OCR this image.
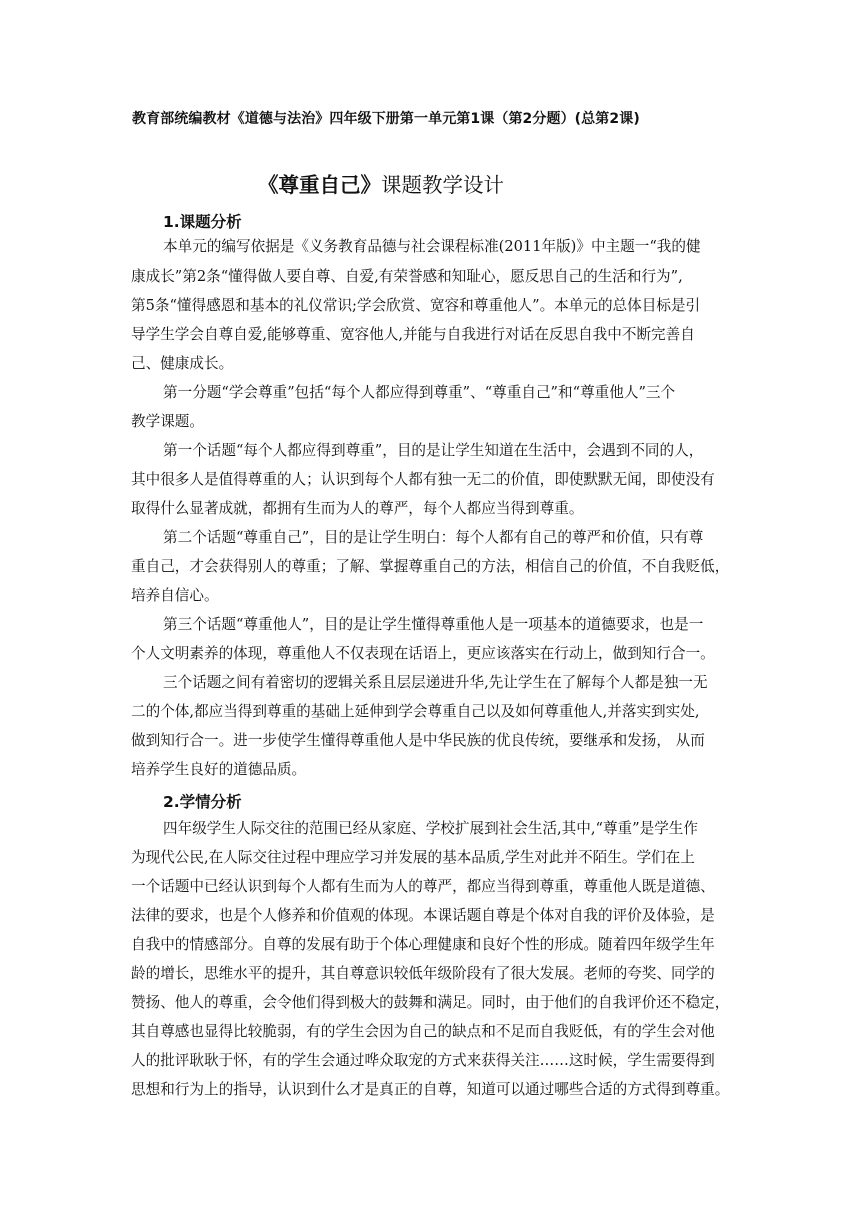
教育部统编教材《道德与法治》四年级下册第一单元第1课（第2分题）(总第2课)
《尊重自己》课题教学设计
1.课题分析
本单元的编写依据是《义务教育品德与社会课程标准(2011年版)》中主题一“我的健
康成长”第2条“懂得做人要自尊、自爱,有荣誉感和知耻心，愿反思自己的生活和行为”,
第5条“懂得感恩和基本的礼仪常识;学会欣赏、宽容和尊重他人”。本单元的总体目标是引
导学生学会自尊自爱,能够尊重、宽容他人,并能与自我进行对话在反思自我中不断完善自
己、健康成长。
第一分题“学会尊重”包括“每个人都应得到尊重”、“尊重自己”和“尊重他人”三个
教学课题。
第一个话题“每个人都应得到尊重”，目的是让学生知道在生活中，会遇到不同的人，
其中很多人是值得尊重的人；认识到每个人都有独一无二的价值，即使默默无闻，即使没有
取得什么显著成就，都拥有生而为人的尊严，每个人都应当得到尊重。
第二个话题“尊重自己”，目的是让学生明白：每个人都有自己的尊严和价值，只有尊
重自己，才会获得别人的尊重；了解、掌握尊重自己的方法，相信自己的价值，不自我贬低，
培养自信心。
第三个话题“尊重他人”，目的是让学生懂得尊重他人是一项基本的道德要求，也是一
个人文明素养的体现，尊重他人不仅表现在话语上，更应该落实在行动上，做到知行合一。
三个话题之间有着密切的逻辑关系且层层递进升华,先让学生在了解每个人都是独一无
二的个体,都应当得到尊重的基础上延伸到学会尊重自己以及如何尊重他人,并落实到实处,
做到知行合一。进一步使学生懂得尊重他人是中华民族的优良传统，要继承和发扬， 从而
培养学生良好的道德品质。
2.学情分析
四年级学生人际交往的范围已经从家庭、学校扩展到社会生活,其中,“尊重”是学生作
为现代公民,在人际交往过程中理应学习并发展的基本品质,学生对此并不陌生。学们在上
一个话题中已经认识到每个人都有生而为人的尊严，都应当得到尊重，尊重他人既是道德、
法律的要求，也是个人修养和价值观的体现。本课话题自尊是个体对自我的评价及体验，是
自我中的情感部分。自尊的发展有助于个体心理健康和良好个性的形成。随着四年级学生年
龄的增长，思维水平的提升，其自尊意识较低年级阶段有了很大发展。老师的夸奖、同学的
赞扬、他人的尊重，会令他们得到极大的鼓舞和满足。同时，由于他们的自我评价还不稳定，
其自尊感也显得比较脆弱，有的学生会因为自己的缺点和不足而自我贬低，有的学生会对他
人的批评耿耿于怀，有的学生会通过哗众取宠的方式来获得关注……这时候，学生需要得到
思想和行为上的指导，认识到什么才是真正的自尊，知道可以通过哪些合适的方式得到尊重。
